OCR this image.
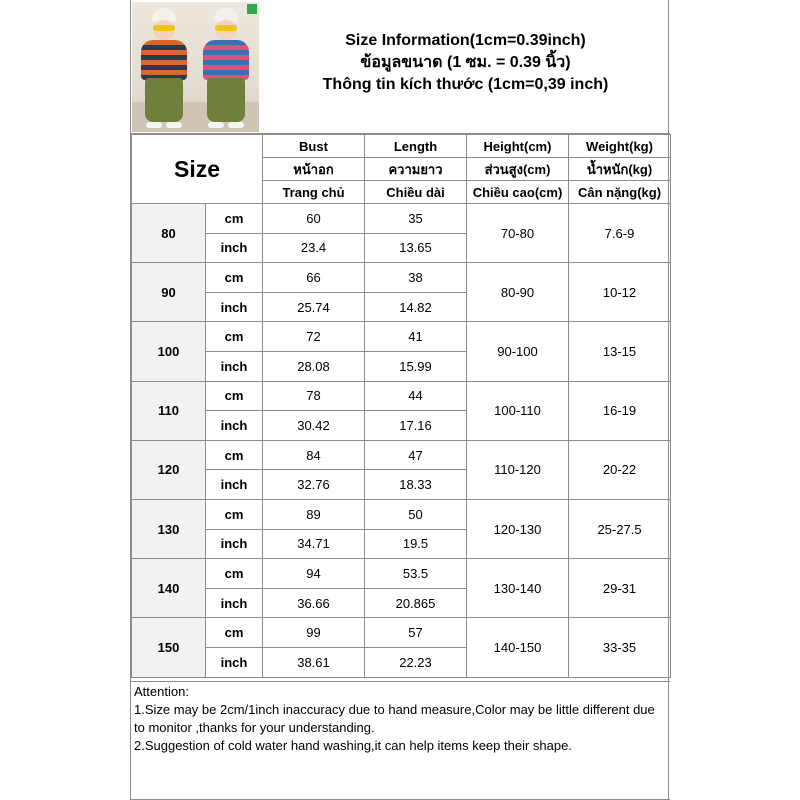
Size Information(1cm=0.39inch)
ข้อมูลขนาด (1 ซม. = 0.39 นิ้ว)
Thông tin kích thước (1cm=0,39 inch)
Size		Bust	Length	Height(cm)	Weight(kg)
		หน้าอก	ความยาว	ส่วนสูง(cm)	น้ำหนัก(kg)
		Trang chủ	Chiều dài	Chiều cao(cm)	Cân nặng(kg)
80	cm	60	35	70-80	7.6-9
	inch	23.4	13.65		
90	cm	66	38	80-90	10-12
	inch	25.74	14.82		
100	cm	72	41	90-100	13-15
	inch	28.08	15.99		
110	cm	78	44	100-110	16-19
	inch	30.42	17.16		
120	cm	84	47	110-120	20-22
	inch	32.76	18.33		
130	cm	89	50	120-130	25-27.5
	inch	34.71	19.5		
140	cm	94	53.5	130-140	29-31
	inch	36.66	20.865		
150	cm	99	57	140-150	33-35
	inch	38.61	22.23		
Attention:
1.Size may be 2cm/1inch inaccuracy due to hand measure,Color may be little different due to monitor ,thanks for your understanding.
2.Suggestion of cold water hand washing,it can help items keep their shape.
